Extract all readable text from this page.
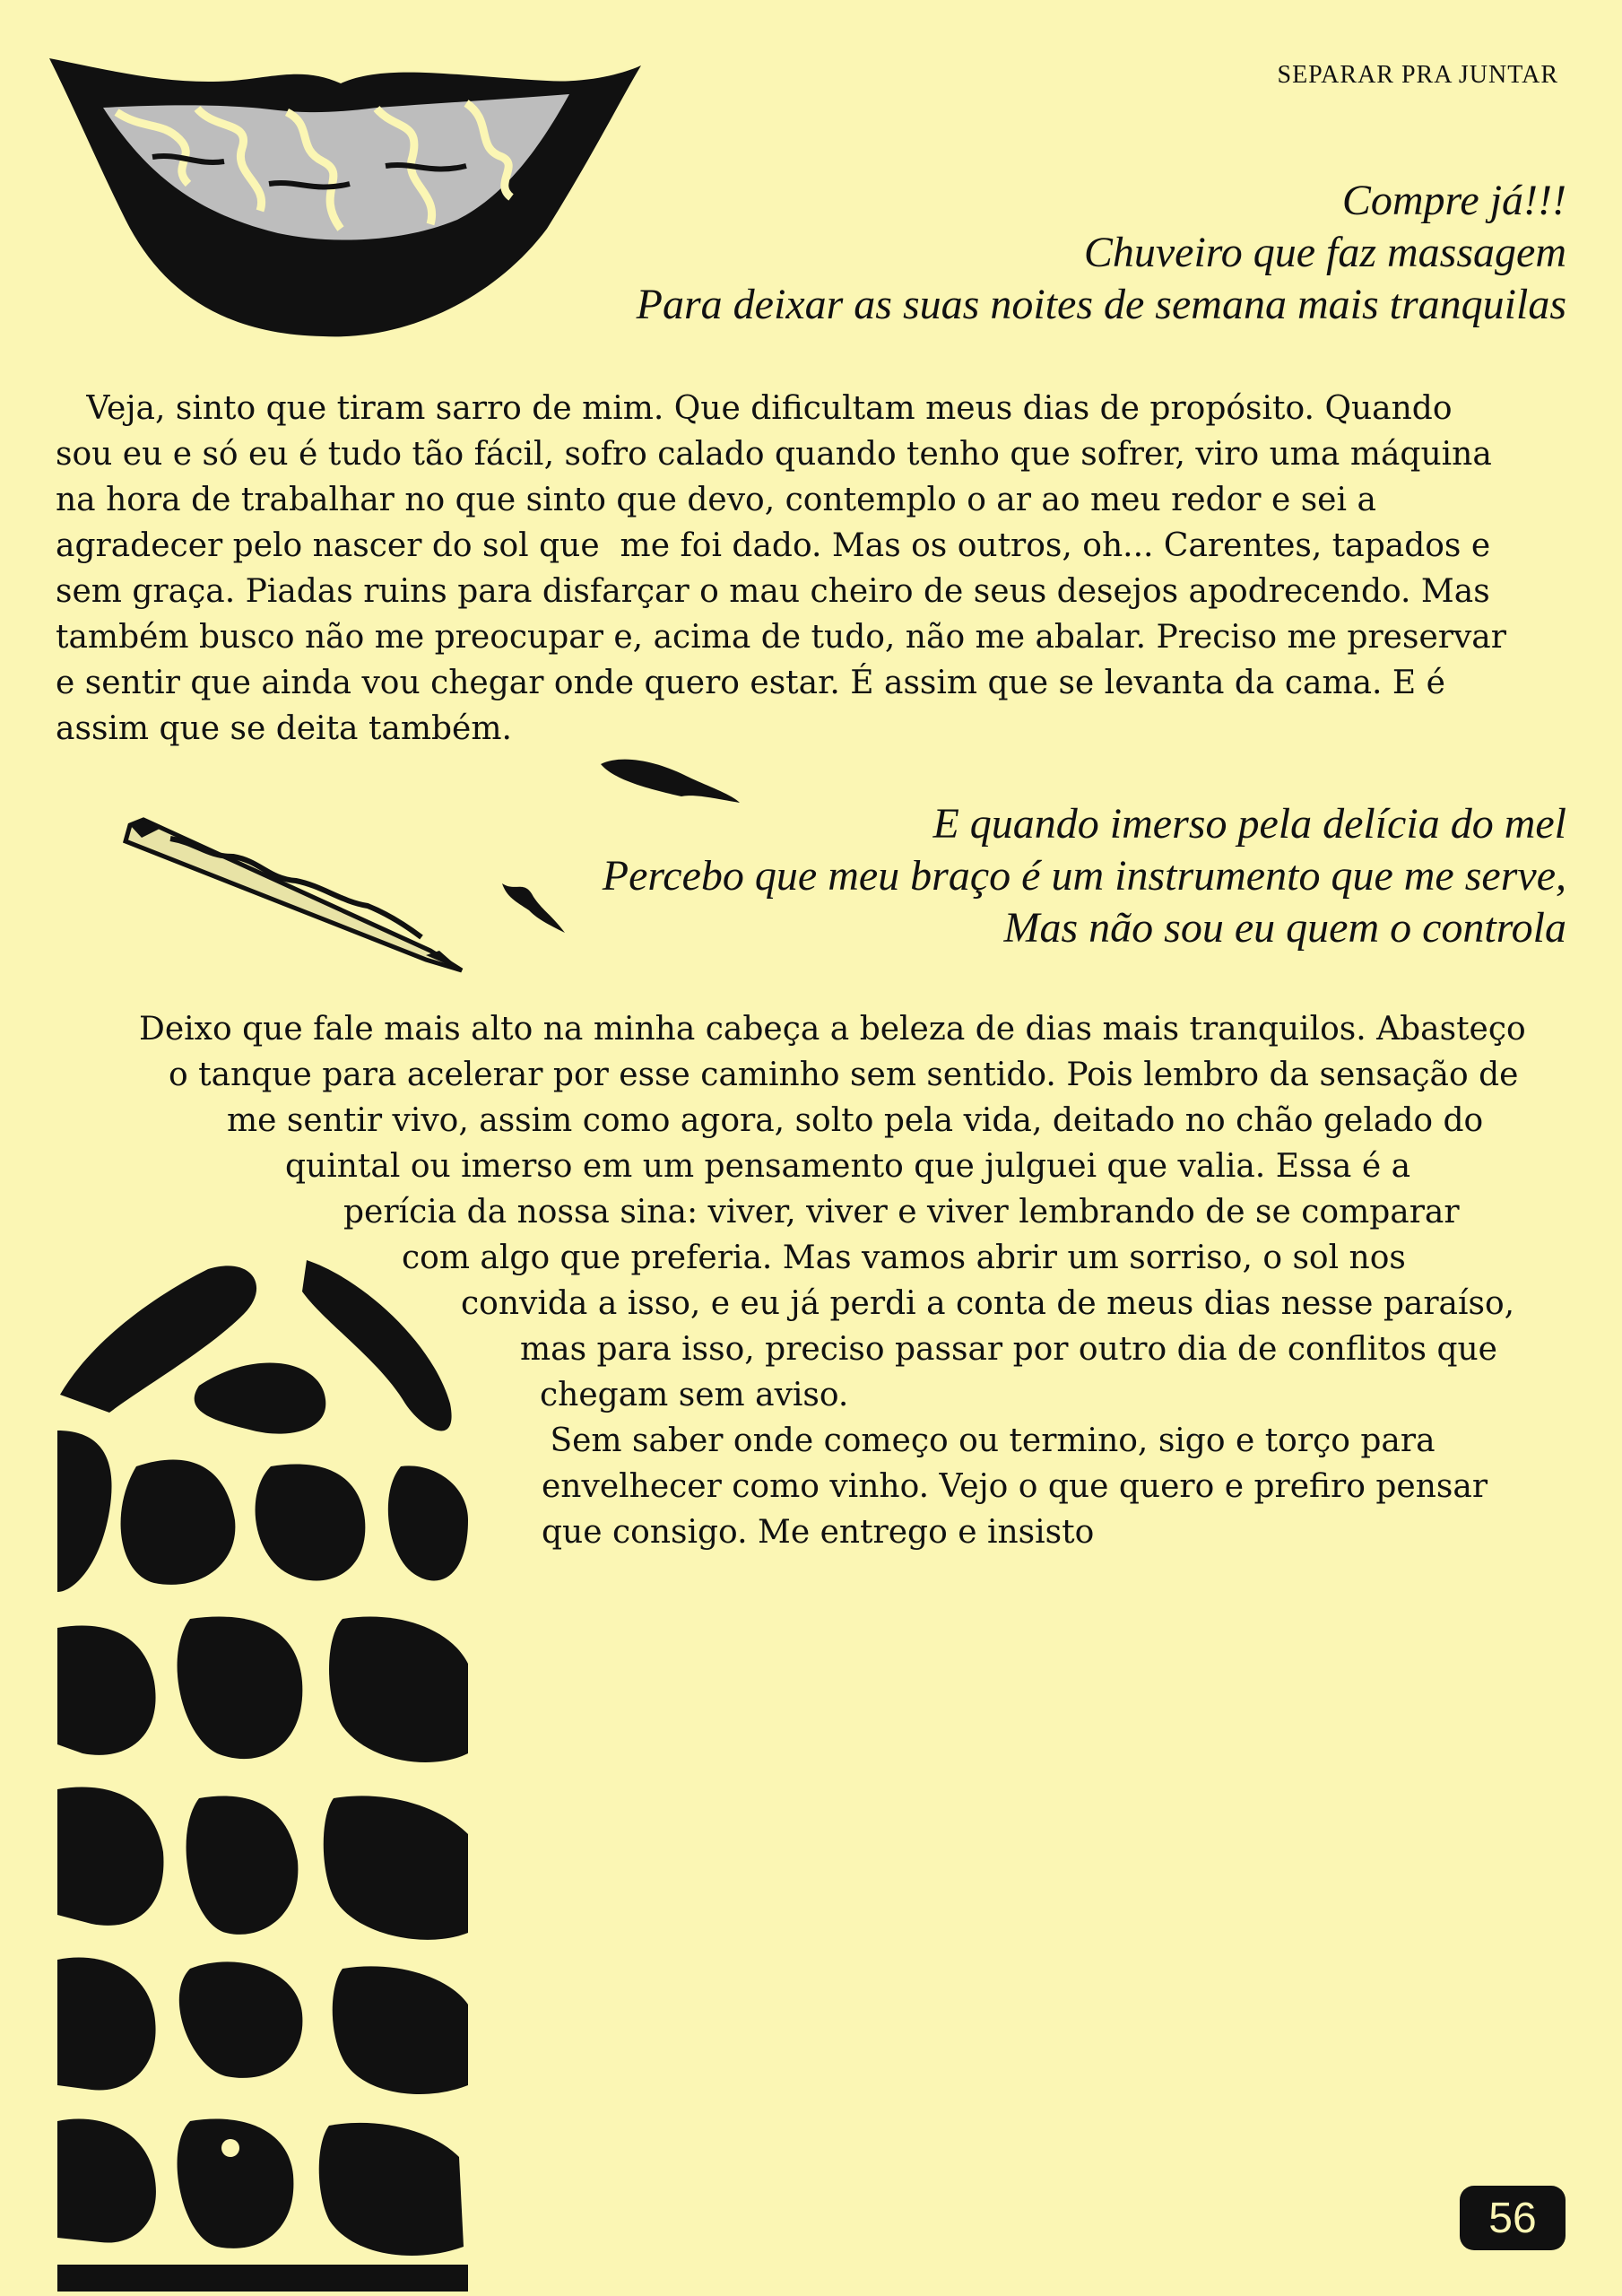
SEPARAR PRA JUNTAR
Compre já!!!
Chuveiro que faz massagem
Para deixar as suas noites de semana mais tranquilas
Veja, sinto que tiram sarro de mim. Que dificultam meus dias de propósito. Quando
sou eu e só eu é tudo tão fácil, sofro calado quando tenho que sofrer, viro uma máquina
na hora de trabalhar no que sinto que devo, contemplo o ar ao meu redor e sei a
agradecer pelo nascer do sol que  me foi dado. Mas os outros, oh... Carentes, tapados e
sem graça. Piadas ruins para disfarçar o mau cheiro de seus desejos apodrecendo. Mas
também busco não me preocupar e, acima de tudo, não me abalar. Preciso me preservar
e sentir que ainda vou chegar onde quero estar. É assim que se levanta da cama. E é
assim que se deita também.
E quando imerso pela delícia do mel
Percebo que meu braço é um instrumento que me serve,
Mas não sou eu quem o controla
Deixo que fale mais alto na minha cabeça a beleza de dias mais tranquilos. Abasteço
o tanque para acelerar por esse caminho sem sentido. Pois lembro da sensação de
me sentir vivo, assim como agora, solto pela vida, deitado no chão gelado do
quintal ou imerso em um pensamento que julguei que valia. Essa é a
perícia da nossa sina: viver, viver e viver lembrando de se comparar
com algo que preferia. Mas vamos abrir um sorriso, o sol nos
convida a isso, e eu já perdi a conta de meus dias nesse paraíso,
mas para isso, preciso passar por outro dia de conflitos que
chegam sem aviso.
Sem saber onde começo ou termino, sigo e torço para
envelhecer como vinho. Vejo o que quero e prefiro pensar
que consigo. Me entrego e insisto
56
